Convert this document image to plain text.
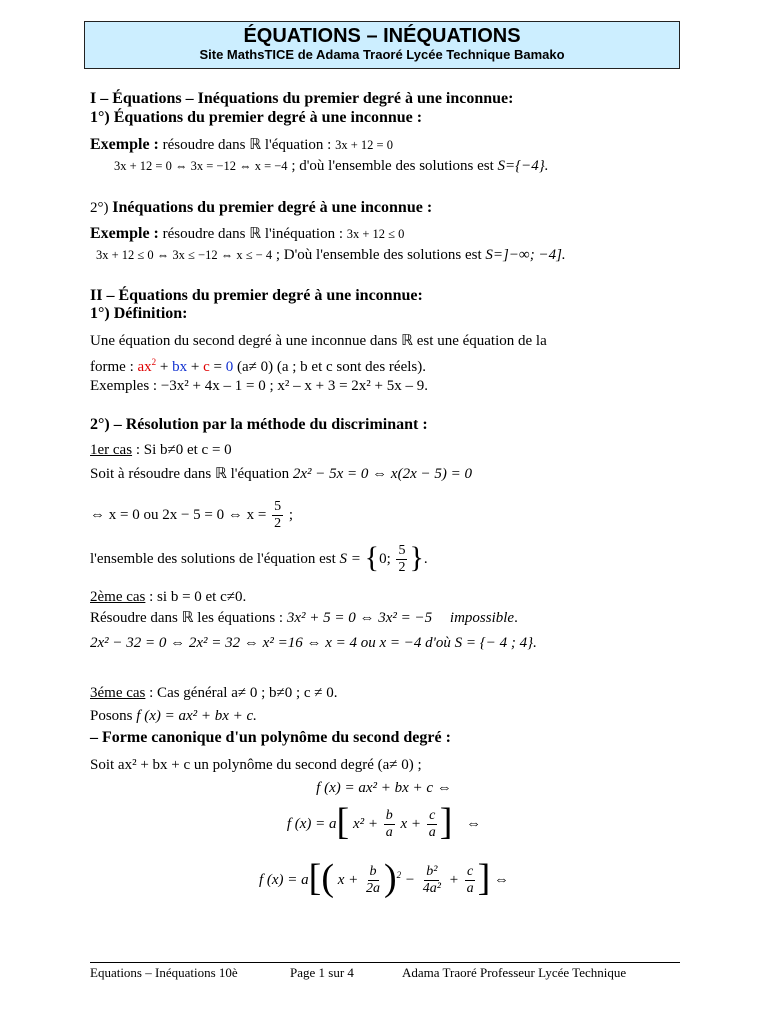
ÉQUATIONS – INÉQUATIONS
Site MathsTICE de Adama Traoré Lycée Technique Bamako
I – Équations – Inéquations du premier degré à une inconnue:
1°) Équations du premier degré à une inconnue :
Exemple : résoudre dans ℝ l'équation : 3x + 12 = 0
3x + 12 = 0 ⇔ 3x = −12 ⇔ x = −4 ; d'où l'ensemble des solutions est S={−4}.
2°) Inéquations du premier degré à une inconnue :
Exemple : résoudre dans ℝ l'inéquation : 3x + 12 ≤ 0
3x + 12 ≤ 0 ⇔ 3x ≤ −12 ⇔ x ≤ − 4 ; D'où l'ensemble des solutions est S=]−∞; −4].
II – Équations du premier degré à une inconnue:
1°) Définition:
Une équation du second degré à une inconnue dans ℝ est une équation de la
forme : $ax^2$ + bx + c = 0 (a≠ 0) (a ; b et c sont des réels).
Exemples : −3x² + 4x – 1 = 0 ; x² – x + 3 = 2x² + 5x – 9.
2°) – Résolution par la méthode du discriminant :
1er cas : Si b≠0 et c = 0
Soit à résoudre dans ℝ l'équation 2x² − 5x = 0 ⇔ x(2x − 5) = 0
⇔ x = 0 ou 2x − 5 = 0 ⇔ $x = \frac{5}{2}$ ;
l'ensemble des solutions de l'équation est S = {0; $\frac{5}{2}$ }.
2ème cas : si b = 0 et c≠0.
Résoudre dans ℝ les équations : 3x² + 5 = 0 ⇔ 3x² = −5 impossible.
2x² − 32 = 0 ⇔ 2x² = 32 ⇔ x² =16 ⇔ x = 4 ou x = −4 d'où S = {− 4 ; 4}.
3éme cas : Cas général a≠ 0 ; b≠0 ; c ≠ 0.
Posons f (x) = ax² + bx + c.
– Forme canonique d'un polynôme du second degré :
Soit ax² + bx + c un polynôme du second degré (a≠ 0) ;
f (x) = ax² + bx + c ⇔
f (x) = a[ $x^2 + \frac{b}{a}$ $x + \frac{c}{a}$ ] ⇔
f (x) = a[( $x + \frac{b}{2a} )^2 - \frac{\text{b²}}{\text{4a²}} + \frac{c}{a}$ ] ⇔
Equations – Inéquations 10è	Page 1 sur 4	Adama Traoré Professeur Lycée Technique
